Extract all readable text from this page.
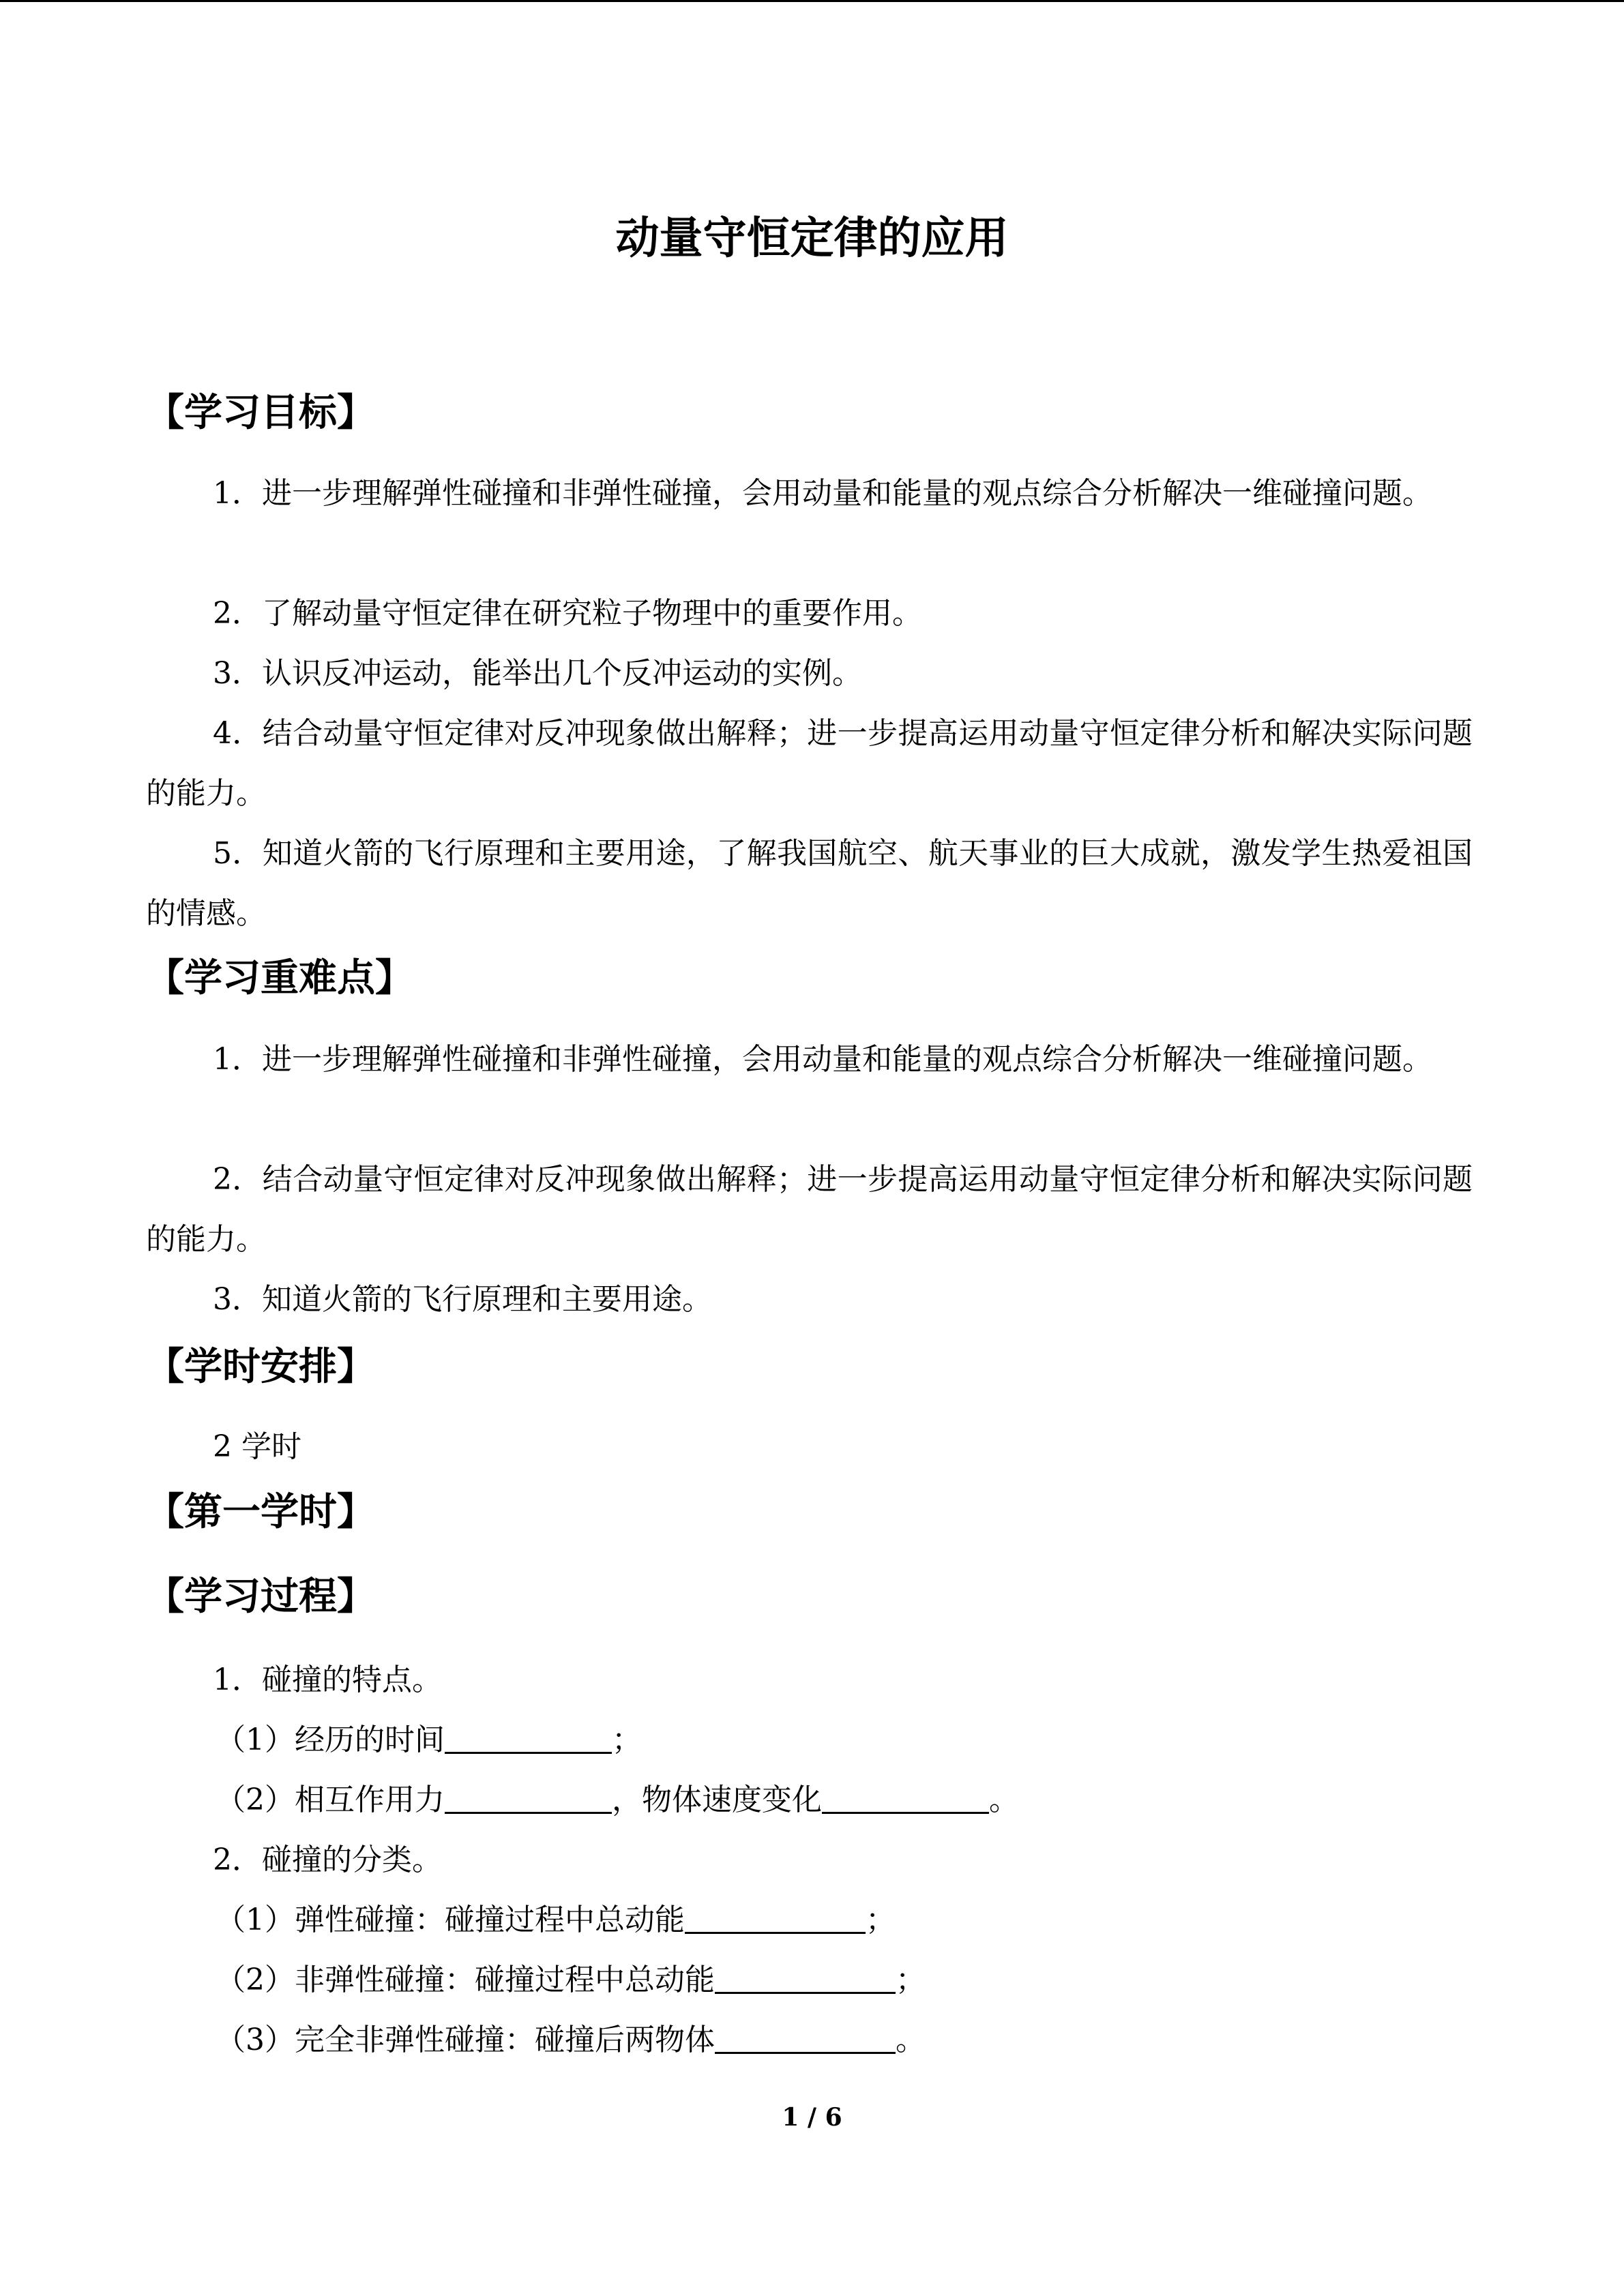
动量守恒定律的应用
【学习目标】
1．进一步理解弹性碰撞和非弹性碰撞，会用动量和能量的观点综合分析解决一维碰撞问题。
2．了解动量守恒定律在研究粒子物理中的重要作用。
3．认识反冲运动，能举出几个反冲运动的实例。
4．结合动量守恒定律对反冲现象做出解释；进一步提高运用动量守恒定律分析和解决实际问题的能力。
5．知道火箭的飞行原理和主要用途，了解我国航空、航天事业的巨大成就，激发学生热爱祖国的情感。
【学习重难点】
1．进一步理解弹性碰撞和非弹性碰撞，会用动量和能量的观点综合分析解决一维碰撞问题。
2．结合动量守恒定律对反冲现象做出解释；进一步提高运用动量守恒定律分析和解决实际问题的能力。
3．知道火箭的飞行原理和主要用途。
【学时安排】
2 学时
【第一学时】
【学习过程】
1．碰撞的特点。
（1）经历的时间	；
（2）相互作用力	，物体速度变化	。
2．碰撞的分类。
（1）弹性碰撞：碰撞过程中总动能	；
（2）非弹性碰撞：碰撞过程中总动能	；
（3）完全非弹性碰撞：碰撞后两物体	。
1 / 6
